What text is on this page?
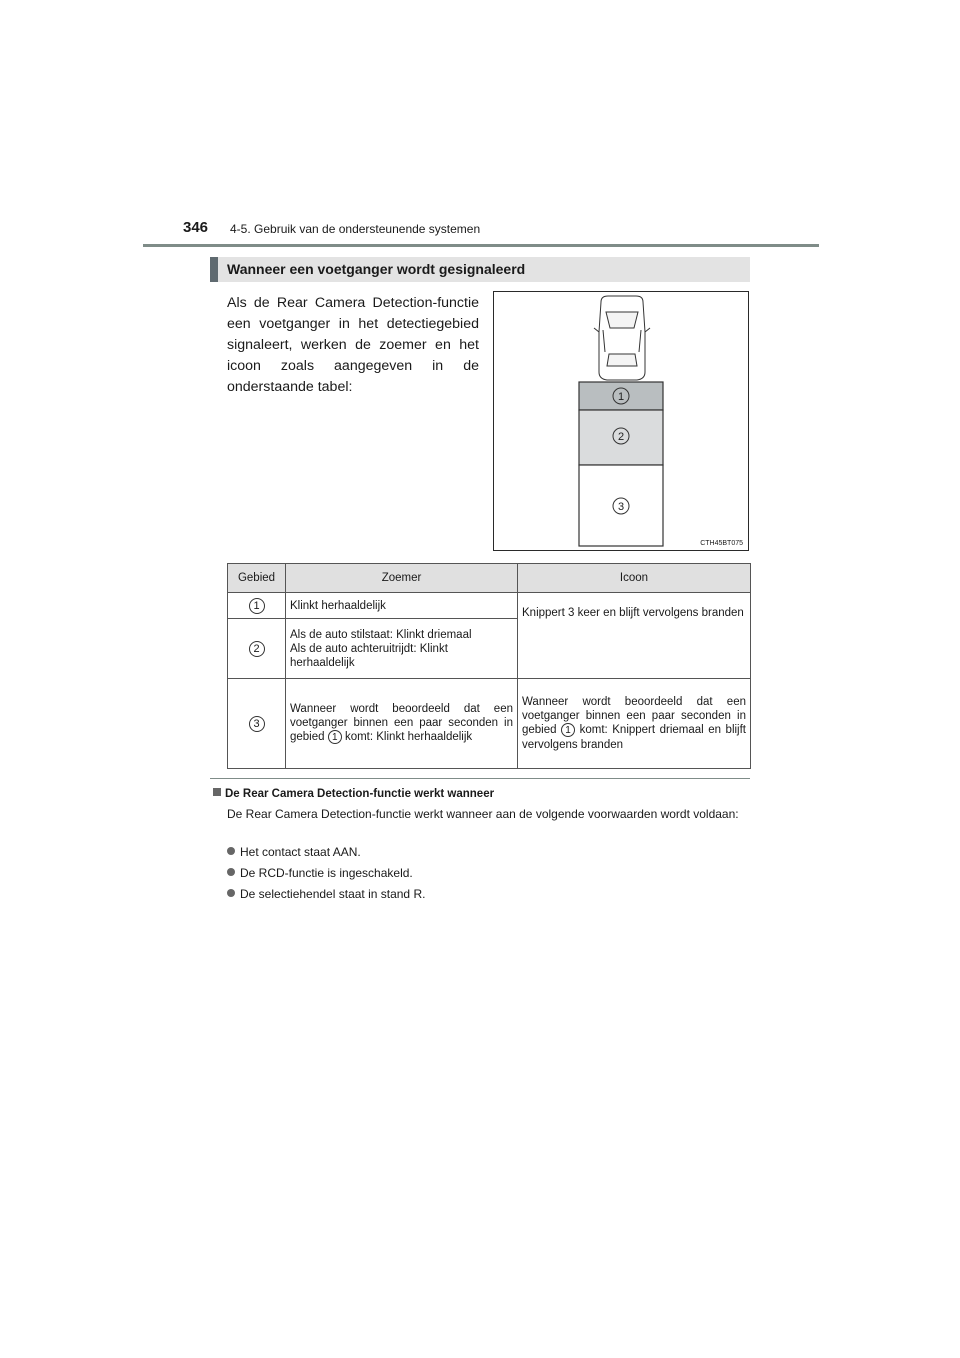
346 4-5. Gebruik van de ondersteunende systemen
Wanneer een voetganger wordt gesignaleerd
Als de Rear Camera Detection-functie een voetganger in het detectiegebied signaleert, werken de zoemer en het icoon zoals aangegeven in de onderstaande tabel:
1
2
3
CTH45BT075
Gebied	Zoemer	Icoon
1	Klinkt herhaaldelijk	Knippert 3 keer en blijft vervolgens branden
2	Als de auto stilstaat: Klinkt driemaal
Als de auto achteruitrijdt: Klinkt herhaaldelijk	

3	Wanneer wordt beoordeeld dat een voetganger binnen een paar seconden in gebied 1 komt: Klinkt herhaaldelijk	Wanneer wordt beoordeeld dat een voetganger binnen een paar seconden in gebied 1 komt: Knippert driemaal en blijft vervolgens branden
De Rear Camera Detection-functie werkt wanneer
De Rear Camera Detection-functie werkt wanneer aan de volgende voorwaarden wordt voldaan:
Het contact staat AAN.
De RCD-functie is ingeschakeld.
De selectiehendel staat in stand R.
